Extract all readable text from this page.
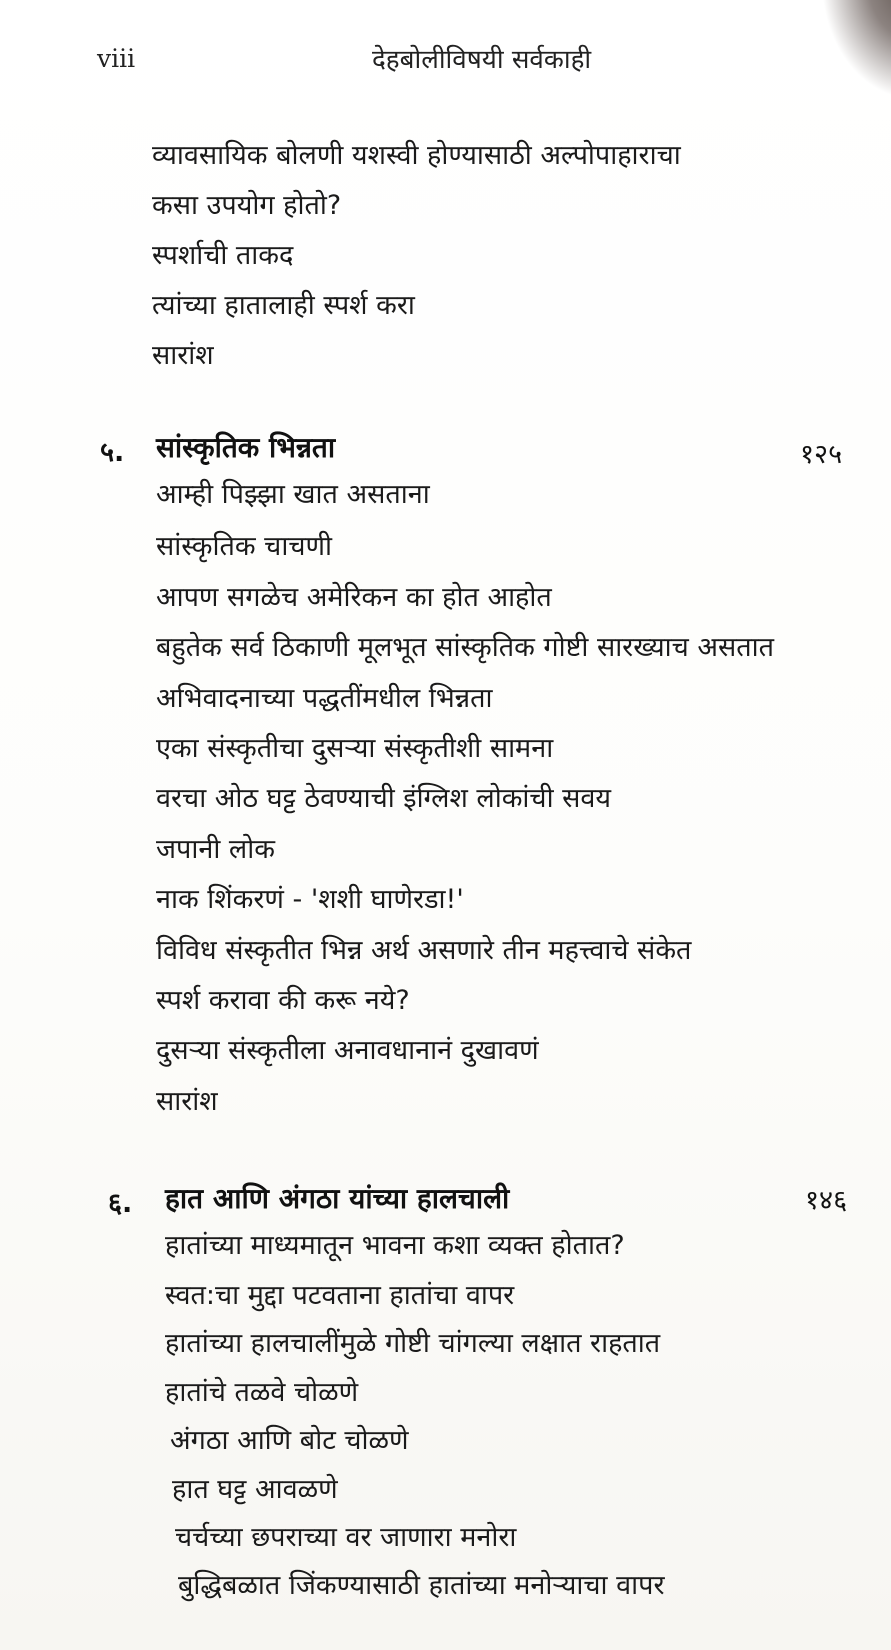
viii	देहबोलीविषयी सर्वकाही
व्यावसायिक बोलणी यशस्वी होण्यासाठी अल्पोपाहाराचा
कसा उपयोग होतो?
स्पर्शाची ताकद
त्यांच्या हातालाही स्पर्श करा
सारांश
५. सांस्कृतिक भिन्नता	१२५
आम्ही पिझ्झा खात असताना
सांस्कृतिक चाचणी
आपण सगळेच अमेरिकन का होत आहोत
बहुतेक सर्व ठिकाणी मूलभूत सांस्कृतिक गोष्टी सारख्याच असतात
अभिवादनाच्या पद्धतींमधील भिन्नता
एका संस्कृतीचा दुसऱ्या संस्कृतीशी सामना
वरचा ओठ घट्ट ठेवण्याची इंग्लिश लोकांची सवय
जपानी लोक
नाक शिंकरणं - 'शशी घाणेरडा!'
विविध संस्कृतीत भिन्न अर्थ असणारे तीन महत्त्वाचे संकेत
स्पर्श करावा की करू नये?
दुसऱ्या संस्कृतीला अनावधानानं दुखावणं
सारांश
६. हात आणि अंगठा यांच्या हालचाली	१४६
हातांच्या माध्यमातून भावना कशा व्यक्त होतात?
स्वत:चा मुद्दा पटवताना हातांचा वापर
हातांच्या हालचालींमुळे गोष्टी चांगल्या लक्षात राहतात
हातांचे तळवे चोळणे
अंगठा आणि बोट चोळणे
हात घट्ट आवळणे
चर्चच्या छपराच्या वर जाणारा मनोरा
बुद्धिबळात जिंकण्यासाठी हातांच्या मनोऱ्याचा वापर
